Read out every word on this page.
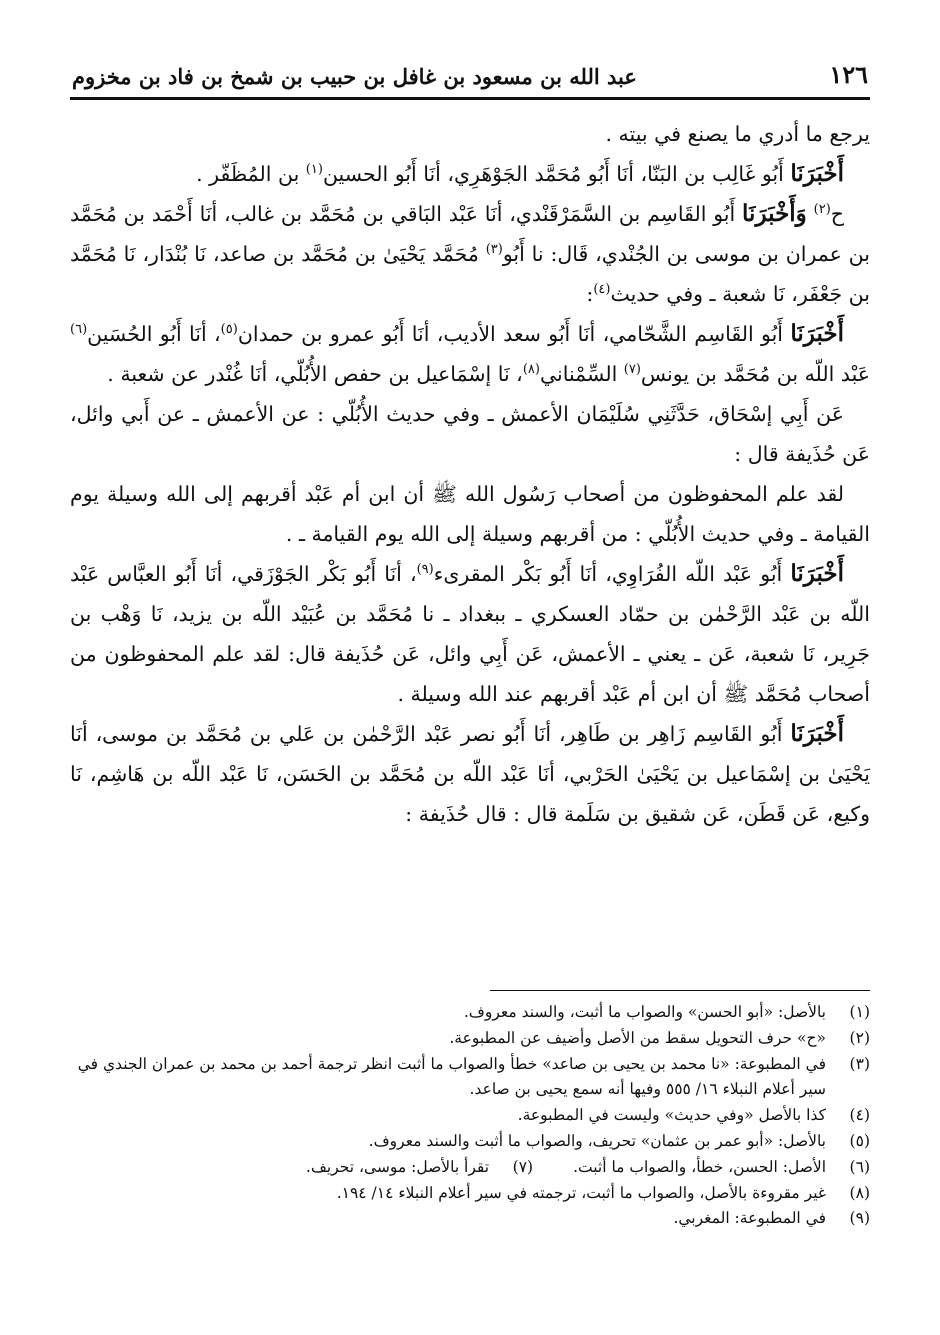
١٢٦
عبد الله بن مسعود بن غافل بن حبيب بن شمخ بن فاد بن مخزوم

يرجع ما أدري ما يصنع في بيته .

أَخْبَرَنَا أَبُو غَالِب بن البَنّا، أنَا أَبُو مُحَمَّد الجَوْهَرِي، أنَا أَبُو الحسين$^{(١)}$ بن المُظَفّر .

ح$^{(٢)}$ وَأَخْبَرَنَا أَبُو القَاسِم بن السَّمَرْقَنْدي، أنَا عَبْد البَاقي بن مُحَمَّد بن غالب، أنَا أَحْمَد بن مُحَمَّد بن عمران بن موسى بن الجُنْدي، قَال: نا أَبُو$^{(٣)}$ مُحَمَّد يَحْيَىٰ بن مُحَمَّد بن صاعد، نَا بُنْدَار، نَا مُحَمَّد بن جَعْفَر، نَا شعبة ـ وفي حديث$^{(٤)}$:

أَخْبَرَنَا أَبُو القَاسِم الشَّحّامي، أنَا أَبُو سعد الأديب، أنَا أَبُو عمرو بن حمدان$^{(٥)}$، أنَا أَبُو الحُسَين$^{(٦)}$ عَبْد اللّه بن مُحَمَّد بن يونس$^{(٧)}$ السِّمْناني$^{(٨)}$، نَا إسْمَاعيل بن حفص الأُبُلّي، أنَا غُنْدر عن شعبة .

عَن أَبِي إسْحَاق، حَدَّثَنِي سُلَيْمَان الأعمش ـ وفي حديث الأُبُلّي : عن الأعمش ـ عن أَبي وائل، عَن حُذَيفة قال :

لقد علم المحفوظون من أصحاب رَسُول الله ﷺ أن ابن أم عَبْد أقربهم إلى الله وسيلة يوم القيامة ـ وفي حديث الأُبُلّي : من أقربهم وسيلة إلى الله يوم القيامة ـ .

أَخْبَرَنَا أَبُو عَبْد اللّه الفُرَاوِي، أنَا أَبُو بَكْر المقرىء$^{(٩)}$، أنَا أَبُو بَكْر الجَوْزَقي، أنَا أَبُو العبَّاس عَبْد اللّه بن عَبْد الرَّحْمٰن بن حمّاد العسكري ـ ببغداد ـ نا مُحَمَّد بن عُبَيْد اللّه بن يزيد، نَا وَهْب بن جَرِير، نَا شعبة، عَن ـ يعني ـ الأعمش، عَن أَبِي وائل، عَن حُذَيفة قال: لقد علم المحفوظون من أصحاب مُحَمَّد ﷺ أن ابن أم عَبْد أقربهم عند الله وسيلة .

أَخْبَرَنَا أَبُو القَاسِم زَاهِر بن طَاهِر، أنَا أَبُو نصر عَبْد الرَّحْمٰن بن عَلي بن مُحَمَّد بن موسى، أنَا يَحْيَىٰ بن إسْمَاعيل بن يَحْيَىٰ الحَرْبي، أنَا عَبْد اللّه بن مُحَمَّد بن الحَسَن، نَا عَبْد اللّه بن هَاشِم، نَا وكيع، عَن قَطَن، عَن شقيق بن سَلَمة قال : قال حُذَيفة :

(١)
بالأصل: «أبو الحسن» والصواب ما أثبت، والسند معروف.
(٢)
«ح» حرف التحويل سقط من الأصل وأضيف عن المطبوعة.
(٣)
في المطبوعة: «نا محمد بن يحيى بن صاعد» خطأ والصواب ما أثبت انظر ترجمة أحمد بن محمد بن عمران الجندي في سير أعلام النبلاء ١٦/ ٥٥٥ وفيها أنه سمع يحيى بن صاعد.
(٤)
كذا بالأصل «وفي حديث» وليست في المطبوعة.
(٥)
بالأصل: «أبو عمر بن عثمان» تحريف، والصواب ما أثبت والسند معروف.
(٦)
الأصل: الحسن، خطأ، والصواب ما أثبت.
(٧)
تقرأ بالأصل: موسى، تحريف.
(٨)
غير مقروءة بالأصل، والصواب ما أثبت، ترجمته في سير أعلام النبلاء ١٤/ ١٩٤.
(٩)
في المطبوعة: المغربي.
